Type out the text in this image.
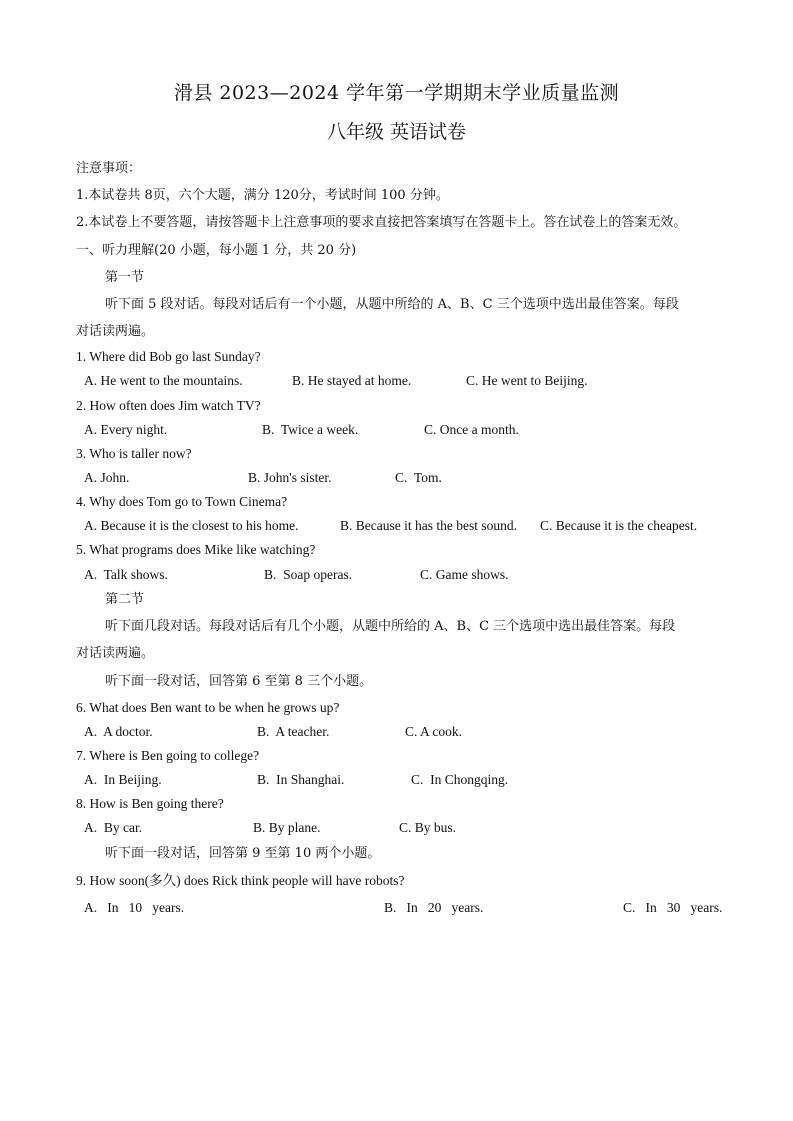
滑县 2023—2024 学年第一学期期末学业质量监测
八年级 英语试卷
注意事项：
1.本试卷共 8页，六个大题，满分 120分，考试时间 100 分钟。
2.本试卷上不要答题，请按答题卡上注意事项的要求直接把答案填写在答题卡上。答在试卷上的答案无效。
一、听力理解(20 小题，每小题 1 分，共 20 分)
第一节
听下面 5 段对话。每段对话后有一个小题，从题中所给的 A、B、C 三个选项中选出最佳答案。每段
对话读两遍。
1. Where did Bob go last Sunday?
A. He went to the mountains.	B. He stayed at home.	C. He went to Beijing.
2. How often does Jim watch TV?
A. Every night.	B.  Twice a week.	C. Once a month.
3. Who is taller now?
A. John.	B. John's sister.	C.  Tom.
4. Why does Tom go to Town Cinema?
A. Because it is the closest to his home.	B. Because it has the best sound. C. Because it is the cheapest.
5. What programs does Mike like watching?
A.  Talk shows.	B.  Soap operas.	C. Game shows.
第二节
听下面几段对话。每段对话后有几个小题，从题中所给的 A、B、C 三个选项中选出最佳答案。每段
对话读两遍。
听下面一段对话，回答第 6 至第 8 三个小题。
6. What does Ben want to be when he grows up?
A.  A doctor.	B.  A teacher.	C. A cook.
7. Where is Ben going to college?
A.  In Beijing.	B.  In Shanghai.	C.  In Chongqing.
8. How is Ben going there?
A.  By car.	B. By plane.	C. By bus.
听下面一段对话，回答第 9 至第 10 两个小题。
9. How soon(多久) does Rick think people will have robots?
A.   In   10   years.	B.   In   20   years.	C.   In   30   years.
